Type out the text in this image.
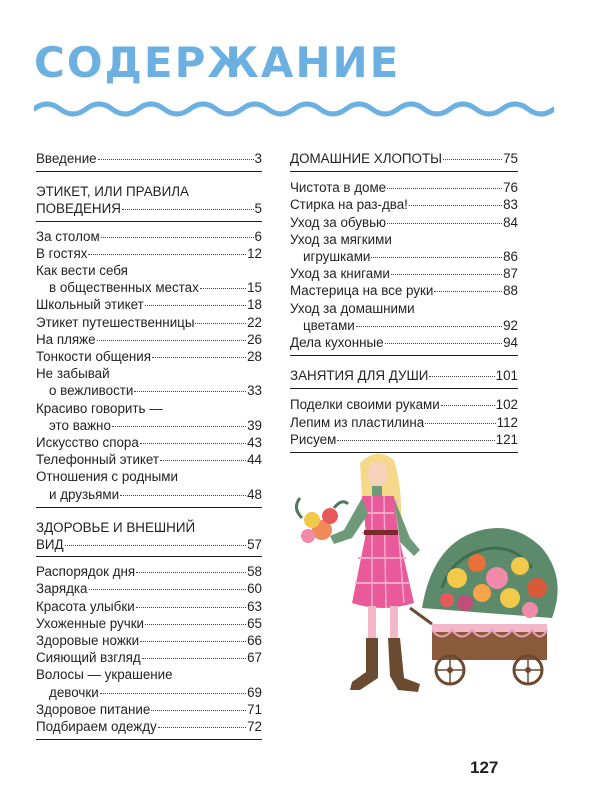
СОДЕРЖАНИЕ
Введение	3
ЭТИКЕТ, ИЛИ ПРАВИЛА
ПОВЕДЕНИЯ	5
За столом	6
В гостях	12
Как вести себя
в общественных местах	15
Школьный этикет	18
Этикет путешественницы	22
На пляже	26
Тонкости общения	28
Не забывай
о вежливости	33
Красиво говорить —
это важно	39
Искусство спора	43
Телефонный этикет	44
Отношения с родными
и друзьями	48
ЗДОРОВЬЕ И ВНЕШНИЙ
ВИД	57
Распорядок дня	58
Зарядка	60
Красота улыбки	63
Ухоженные ручки	65
Здоровые ножки	66
Сияющий взгляд	67
Волосы — украшение
девочки	69
Здоровое питание	71
Подбираем одежду	72
ДОМАШНИЕ ХЛОПОТЫ	75
Чистота в доме	76
Стирка на раз-два!	83
Уход за обувью	84
Уход за мягкими
игрушками	86
Уход за книгами	87
Мастерица на все руки	88
Уход за домашними
цветами	92
Дела кухонные	94
ЗАНЯТИЯ ДЛЯ ДУШИ	101
Поделки своими руками	102
Лепим из пластилина	112
Рисуем	121
127
